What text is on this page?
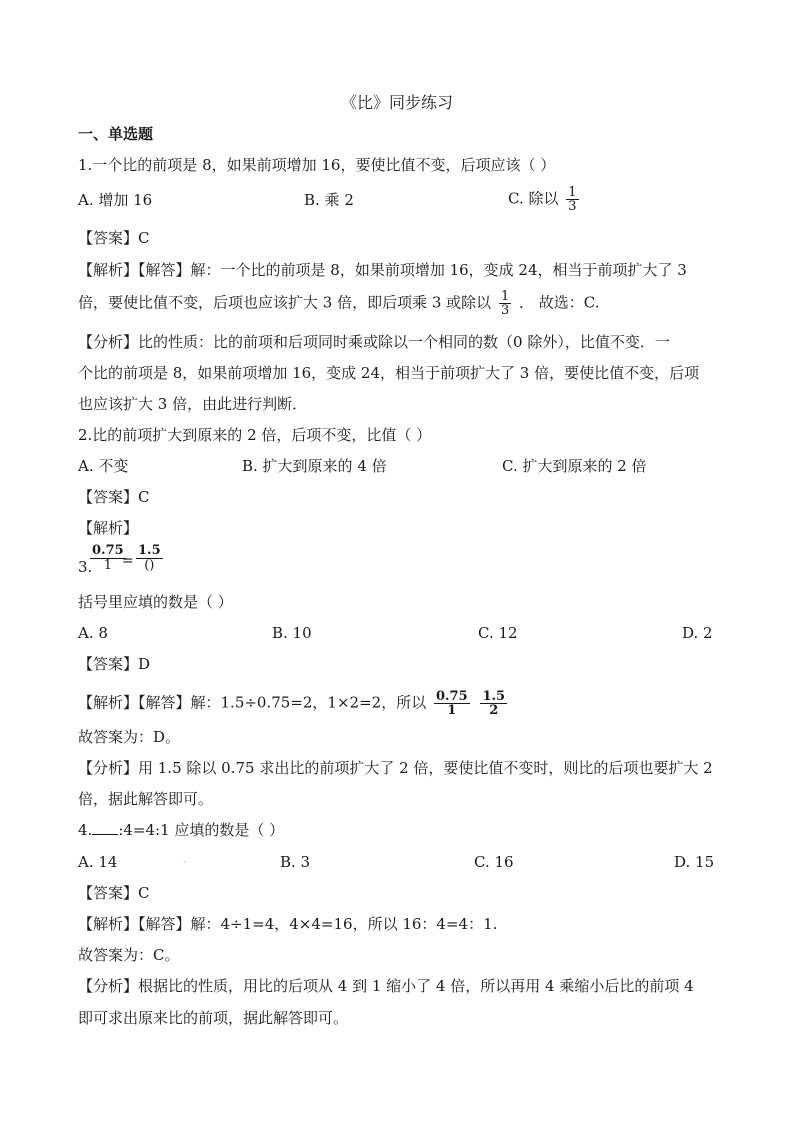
《比》同步练习
一、单选题
1.一个比的前项是 8，如果前项增加 16，要使比值不变，后项应该（ ）
A. 增加 16	B. 乘 2	C. 除以 $\frac{1}{3}$
【答案】C
【解析】【解答】解：一个比的前项是 8，如果前项增加 16，变成 24，相当于前项扩大了 3
倍，要使比值不变，后项也应该扩大 3 倍，即后项乘 3 或除以 $\frac{1}{3}$ ． 故选：C.
【分析】比的性质：比的前项和后项同时乘或除以一个相同的数（0 除外），比值不变．一
个比的前项是 8，如果前项增加 16，变成 24，相当于前项扩大了 3 倍，要使比值不变，后项
也应该扩大 3 倍，由此进行判断．
2.比的前项扩大到原来的 2 倍，后项不变，比值（ ）
A. 不变	B. 扩大到原来的 4 倍	C. 扩大到原来的 2 倍
【答案】C
【解析】
3.
$\frac{0.75}{1}$
=
1.5
()
括号里应填的数是（ ）
A. 8	B. 10	C. 12	D. 2
【答案】D
【解析】【解答】解：1.5÷0.75=2，1×2=2，所以 $\frac{0.75}{1}$
$\frac{1.5}{2}$
故答案为：D。
【分析】用 1.5 除以 0.75 求出比的前项扩大了 2 倍，要使比值不变时，则比的后项也要扩大 2
倍，据此解答即可。
4. :4=4:1 应填的数是（ ）
A. 14	·	B. 3	C. 16	D. 15
【答案】C
【解析】【解答】解：4÷1=4，4×4=16，所以 16：4=4：1.
故答案为：C。
【分析】根据比的性质，用比的后项从 4 到 1 缩小了 4 倍，所以再用 4 乘缩小后比的前项 4
即可求出原来比的前项，据此解答即可。
